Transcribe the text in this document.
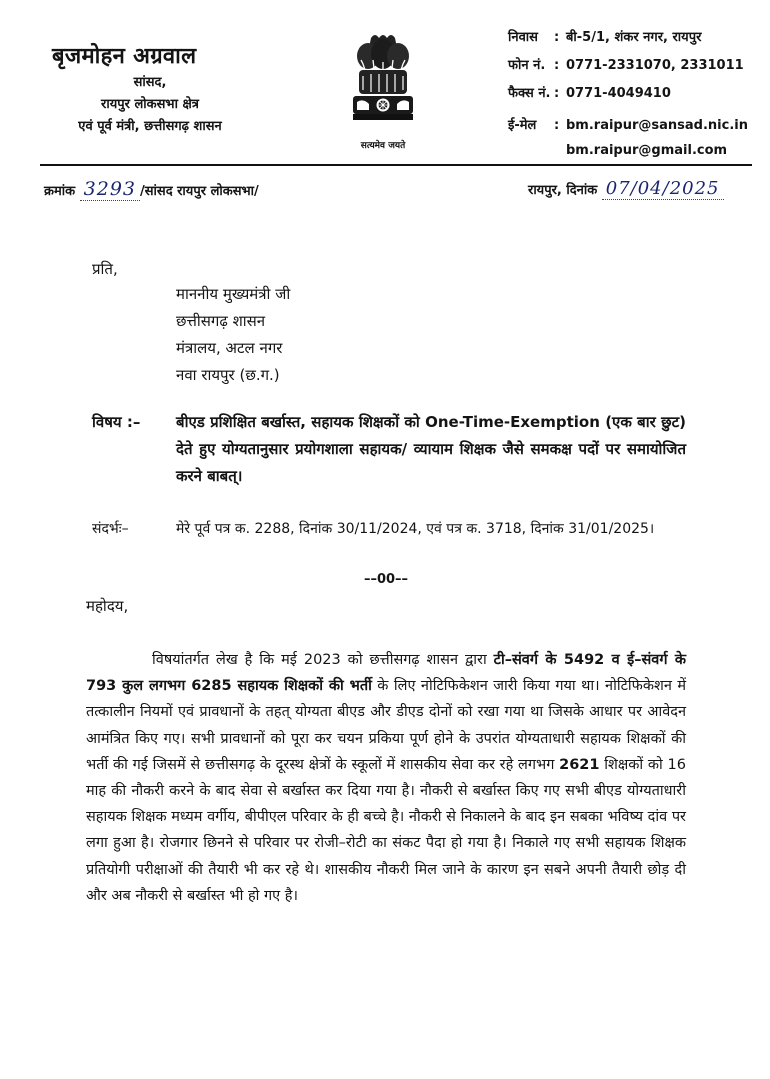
बृजमोहन अग्रवाल
सांसद,
रायपुर लोकसभा क्षेत्र
एवं पूर्व मंत्री, छत्तीसगढ़ शासन
सत्यमेव जयते
निवास	: बी-5/1, शंकर नगर, रायपुर
फोन नं. : 0771-2331070, 2331011
फैक्स नं. : 0771-4049410
ई-मेल	: bm.raipur@sansad.nic.in
bm.raipur@gmail.com
क्रमांक 3293 /सांसद रायपुर लोकसभा/	रायपुर, दिनांक 07/04/2025
प्रति,
माननीय मुख्यमंत्री जी
छत्तीसगढ़ शासन
मंत्रालय, अटल नगर
नवा रायपुर (छ.ग.)
विषय :– बीएड प्रशिक्षित बर्खास्त, सहायक शिक्षकों को One-Time-Exemption (एक बार छुट) देते हुए योग्यतानुसार प्रयोगशाला सहायक/ व्यायाम शिक्षक जैसे समकक्ष पदों पर समायोजित करने बाबत्।
संदर्भः–	मेरे पूर्व पत्र क. 2288, दिनांक 30/11/2024, एवं पत्र क. 3718, दिनांक 31/01/2025।
––00––
महोदय,
विषयांतर्गत लेख है कि मई 2023 को छत्तीसगढ़ शासन द्वारा टी–संवर्ग के 5492 व ई–संवर्ग के 793 कुल लगभग 6285 सहायक शिक्षकों की भर्ती के लिए नोटिफिकेशन जारी किया गया था। नोटिफिकेशन में तत्कालीन नियमों एवं प्रावधानों के तहत् योग्यता बीएड और डीएड दोनों को रखा गया था जिसके आधार पर आवेदन आमंत्रित किए गए। सभी प्रावधानों को पूरा कर चयन प्रकिया पूर्ण होने के उपरांत योग्यताधारी सहायक शिक्षकों की भर्ती की गई जिसमें से छत्तीसगढ़ के दूरस्थ क्षेत्रों के स्कूलों में शासकीय सेवा कर रहे लगभग 2621 शिक्षकों को 16 माह की नौकरी करने के बाद सेवा से बर्खास्त कर दिया गया है। नौकरी से बर्खास्त किए गए सभी बीएड योग्यताधारी सहायक शिक्षक मध्यम वर्गीय, बीपीएल परिवार के ही बच्चे है। नौकरी से निकालने के बाद इन सबका भविष्य दांव पर लगा हुआ है। रोजगार छिनने से परिवार पर रोजी–रोटी का संकट पैदा हो गया है। निकाले गए सभी सहायक शिक्षक प्रतियोगी परीक्षाओं की तैयारी भी कर रहे थे। शासकीय नौकरी मिल जाने के कारण इन सबने अपनी तैयारी छोड़ दी और अब नौकरी से बर्खास्त भी हो गए है।
